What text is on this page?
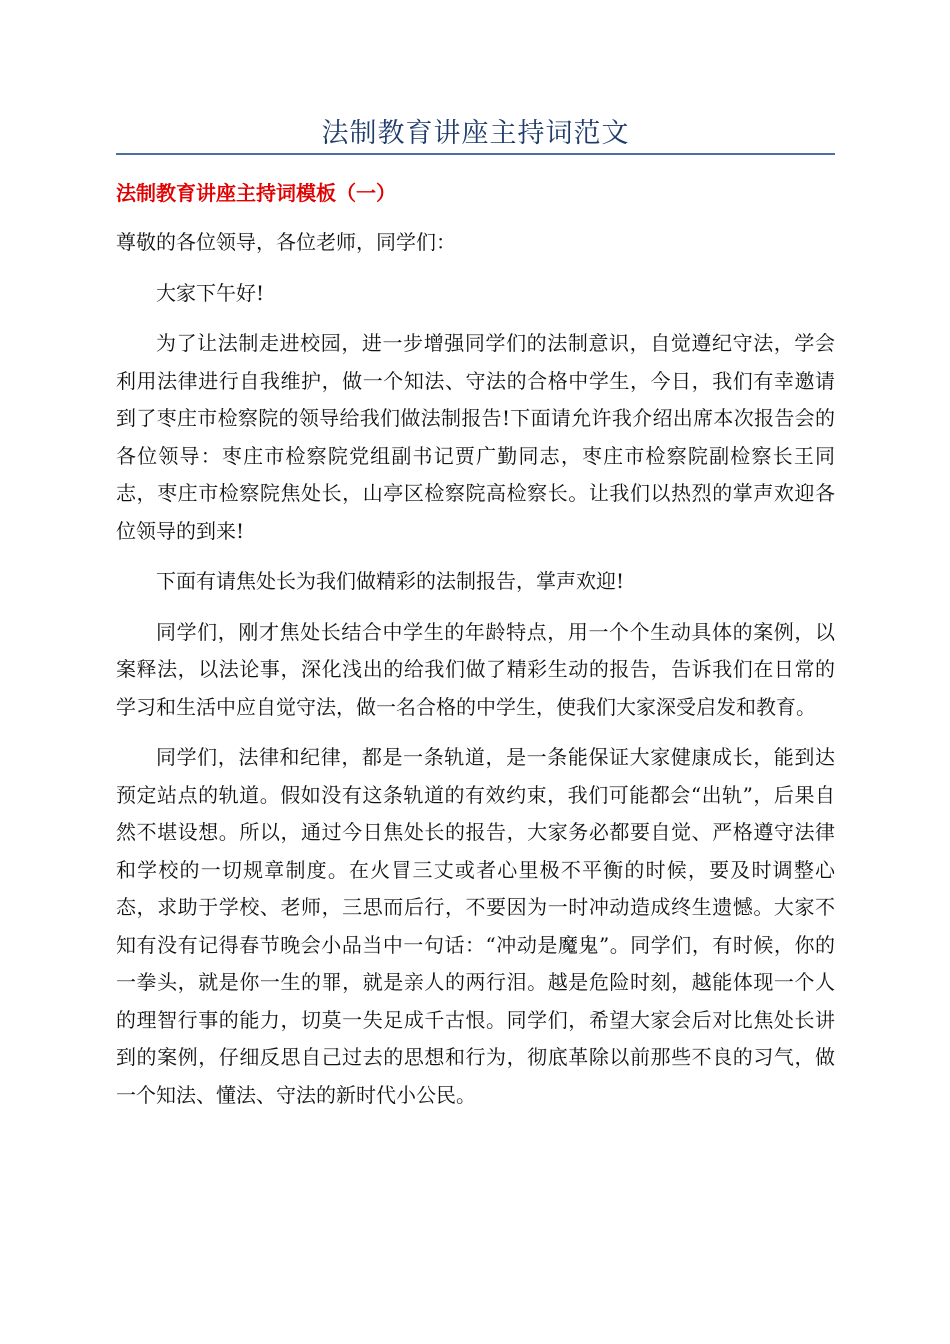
法制教育讲座主持词范文
法制教育讲座主持词模板（一）

尊敬的各位领导，各位老师，同学们：

大家下午好!

为了让法制走进校园，进一步增强同学们的法制意识，自觉遵纪守法，学会利用法律进行自我维护，做一个知法、守法的合格中学生，今日，我们有幸邀请到了枣庄市检察院的领导给我们做法制报告!下面请允许我介绍出席本次报告会的各位领导：枣庄市检察院党组副书记贾广勤同志，枣庄市检察院副检察长王同志，枣庄市检察院焦处长，山亭区检察院高检察长。让我们以热烈的掌声欢迎各位领导的到来!

下面有请焦处长为我们做精彩的法制报告，掌声欢迎!

同学们，刚才焦处长结合中学生的年龄特点，用一个个生动具体的案例，以案释法，以法论事，深化浅出的给我们做了精彩生动的报告，告诉我们在日常的学习和生活中应自觉守法，做一名合格的中学生，使我们大家深受启发和教育。

同学们，法律和纪律，都是一条轨道，是一条能保证大家健康成长，能到达预定站点的轨道。假如没有这条轨道的有效约束，我们可能都会“出轨”，后果自然不堪设想。所以，通过今日焦处长的报告，大家务必都要自觉、严格遵守法律和学校的一切规章制度。在火冒三丈或者心里极不平衡的时候，要及时调整心态，求助于学校、老师，三思而后行，不要因为一时冲动造成终生遗憾。大家不知有没有记得春节晚会小品当中一句话：“冲动是魔鬼”。同学们，有时候，你的一拳头，就是你一生的罪，就是亲人的两行泪。越是危险时刻，越能体现一个人的理智行事的能力，切莫一失足成千古恨。同学们，希望大家会后对比焦处长讲到的案例，仔细反思自己过去的思想和行为，彻底革除以前那些不良的习气，做一个知法、懂法、守法的新时代小公民。
